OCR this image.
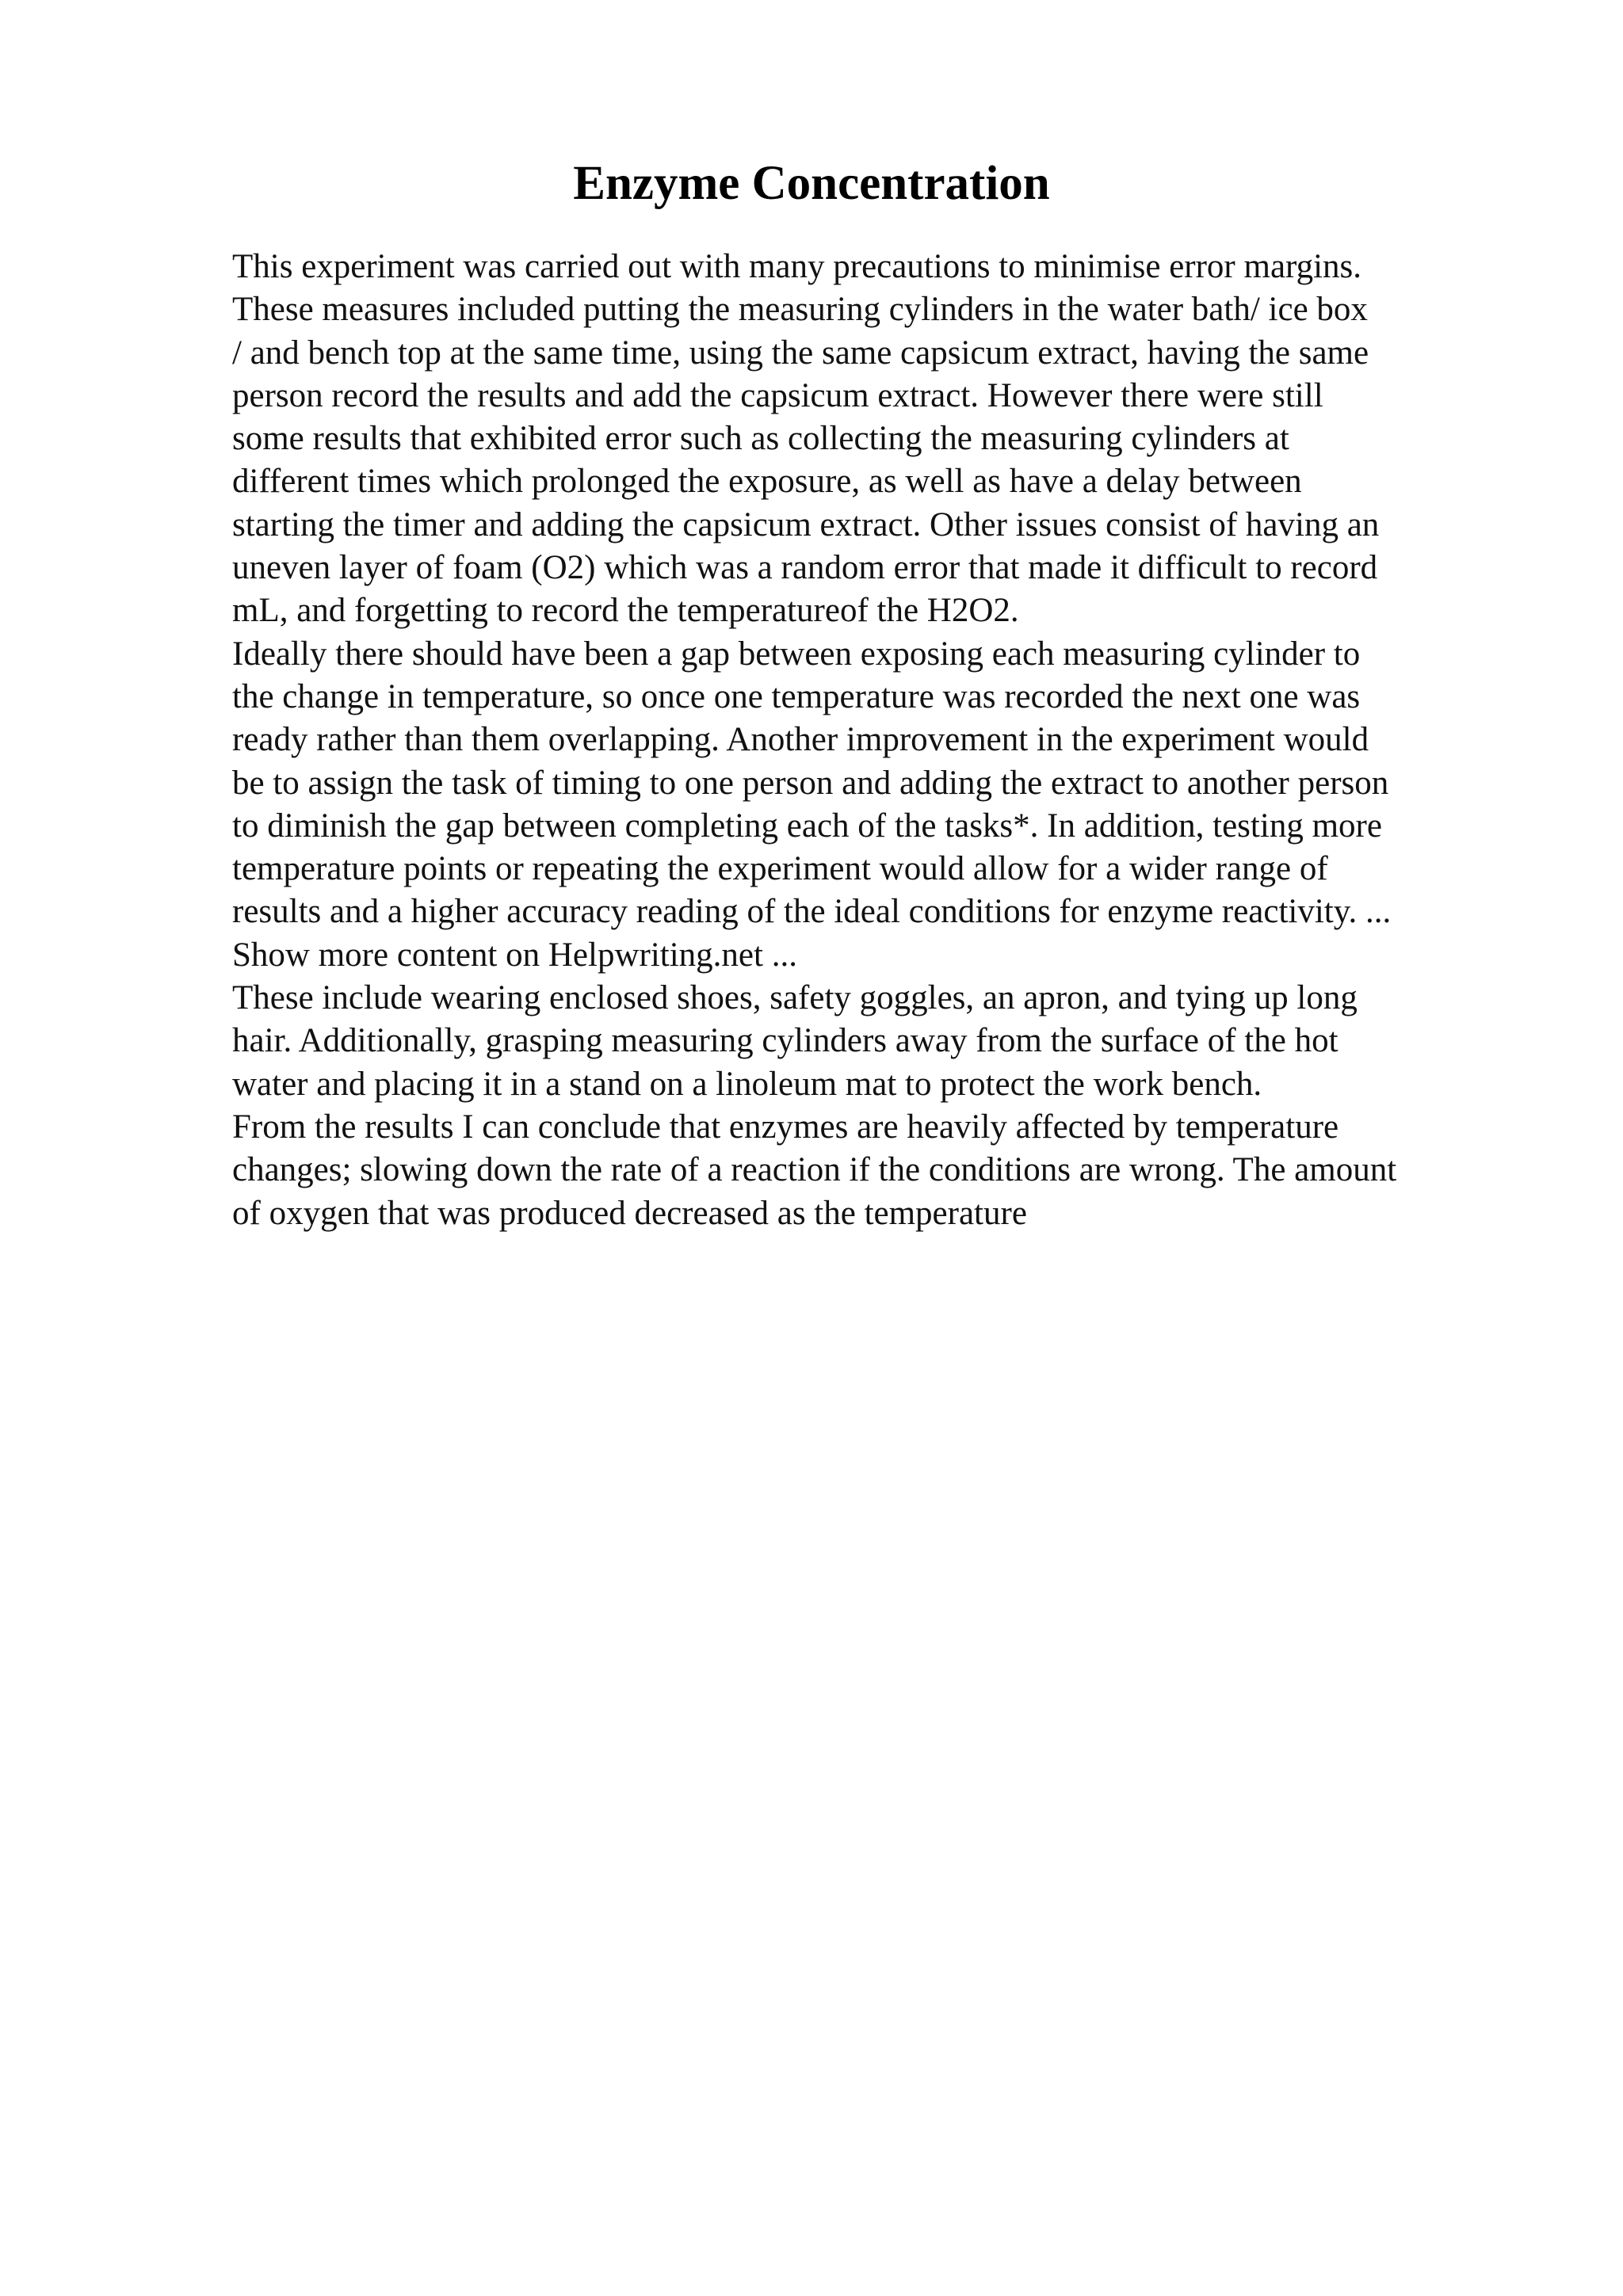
Enzyme Concentration
This experiment was carried out with many precautions to minimise error margins.
These measures included putting the measuring cylinders in the water bath/ ice box
/ and bench top at the same time, using the same capsicum extract, having the same
person record the results and add the capsicum extract. However there were still
some results that exhibited error such as collecting the measuring cylinders at
different times which prolonged the exposure, as well as have a delay between
starting the timer and adding the capsicum extract. Other issues consist of having an
uneven layer of foam (O2) which was a random error that made it difficult to record
mL, and forgetting to record the temperatureof the H2O2.
Ideally there should have been a gap between exposing each measuring cylinder to
the change in temperature, so once one temperature was recorded the next one was
ready rather than them overlapping. Another improvement in the experiment would
be to assign the task of timing to one person and adding the extract to another person
to diminish the gap between completing each of the tasks*. In addition, testing more
temperature points or repeating the experiment would allow for a wider range of
results and a higher accuracy reading of the ideal conditions for enzyme reactivity. ...
Show more content on Helpwriting.net ...
These include wearing enclosed shoes, safety goggles, an apron, and tying up long
hair. Additionally, grasping measuring cylinders away from the surface of the hot
water and placing it in a stand on a linoleum mat to protect the work bench.
From the results I can conclude that enzymes are heavily affected by temperature
changes; slowing down the rate of a reaction if the conditions are wrong. The amount
of oxygen that was produced decreased as the temperature
